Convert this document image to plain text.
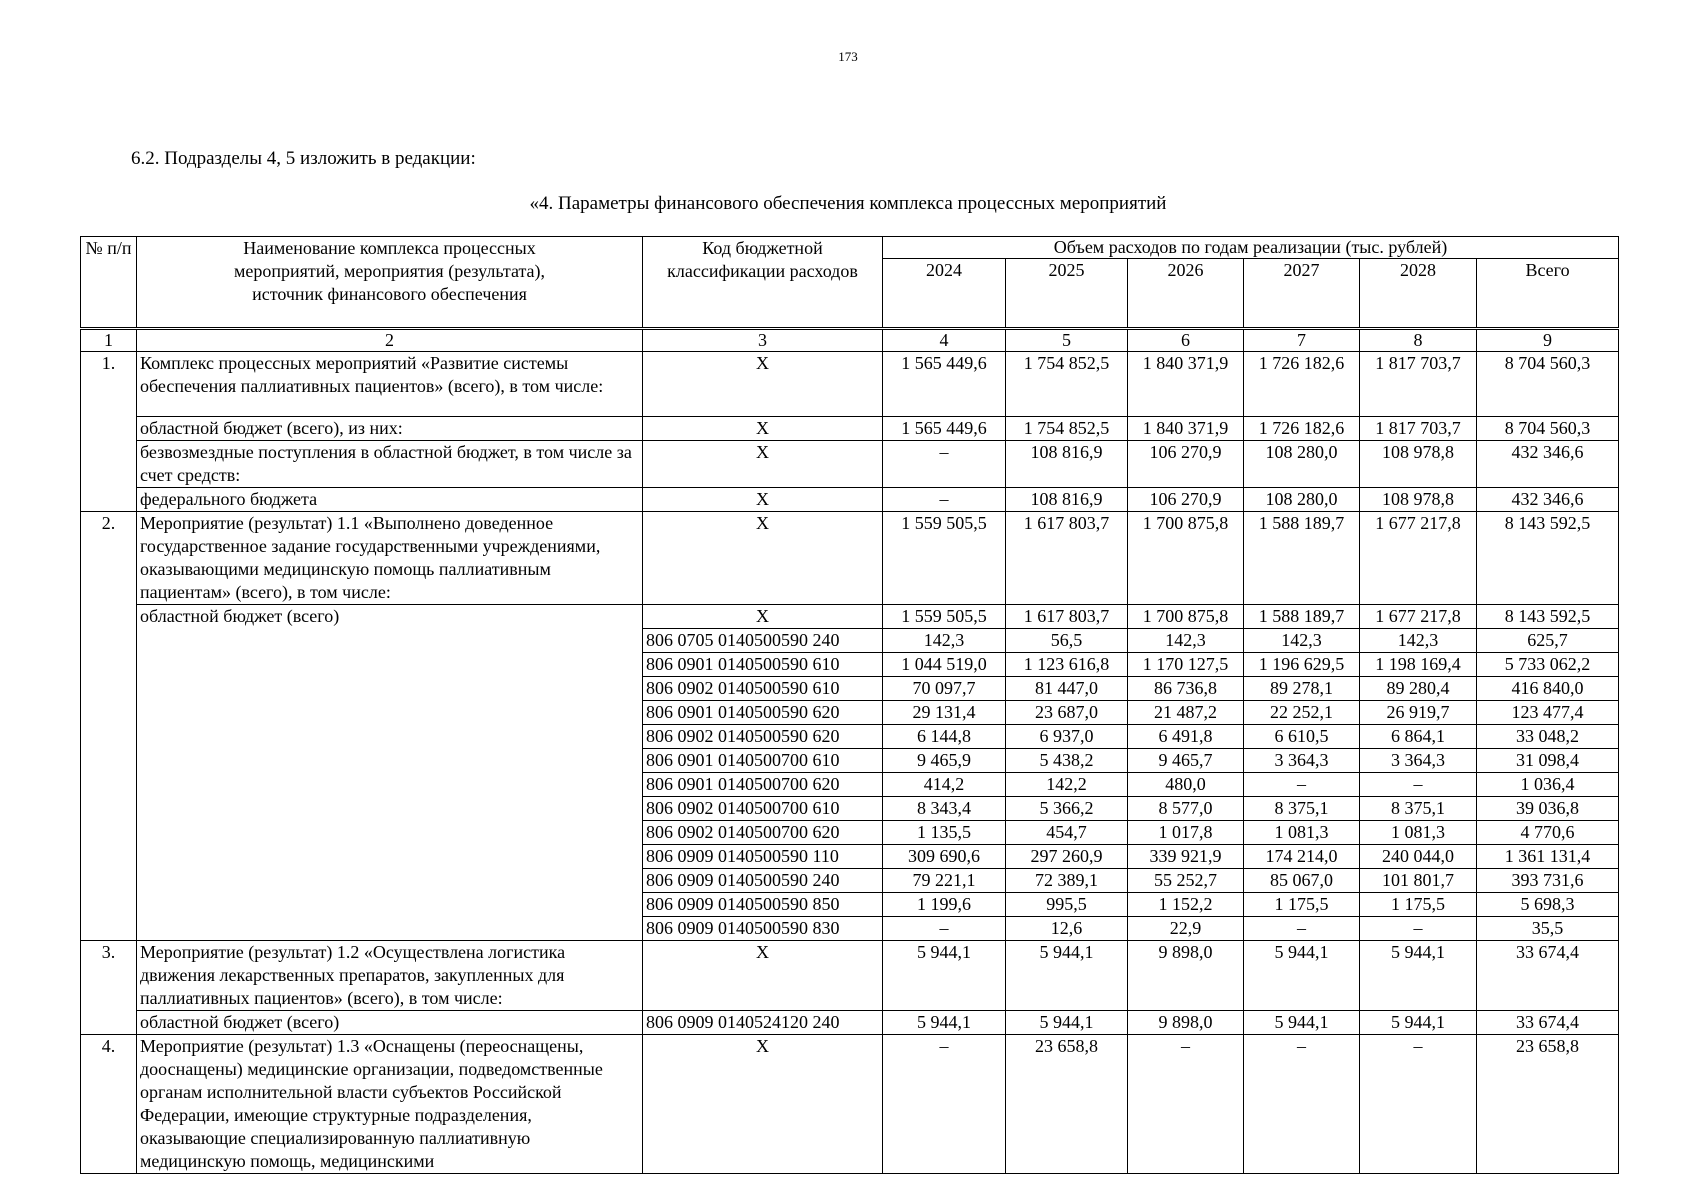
173
6.2. Подразделы 4, 5 изложить в редакции:
«4. Параметры финансового обеспечения комплекса процессных мероприятий
№ п/п	Наименование комплекса процессных мероприятий, мероприятия (результата), источник финансового обеспечения	Код бюджетной классификации расходов	Объем расходов по годам реализации (тыс. рублей)					
			2024	2025	2026	2027	2028	Всего
1	2	3	4	5	6	7	8	9
1.	Комплекс процессных мероприятий «Развитие системы обеспечения паллиативных пациентов» (всего), в том числе:	X	1 565 449,6	1 754 852,5	1 840 371,9	1 726 182,6	1 817 703,7	8 704 560,3
	областной бюджет (всего), из них:	X	1 565 449,6	1 754 852,5	1 840 371,9	1 726 182,6	1 817 703,7	8 704 560,3
	безвозмездные поступления в областной бюджет, в том числе за счет средств:	X	–	108 816,9	106 270,9	108 280,0	108 978,8	432 346,6
	федерального бюджета	X	–	108 816,9	106 270,9	108 280,0	108 978,8	432 346,6
2.	Мероприятие (результат) 1.1 «Выполнено доведенное государственное задание государственными учреждениями, оказывающими медицинскую помощь паллиативным пациентам» (всего), в том числе:	X	1 559 505,5	1 617 803,7	1 700 875,8	1 588 189,7	1 677 217,8	8 143 592,5
	областной бюджет (всего)	X	1 559 505,5	1 617 803,7	1 700 875,8	1 588 189,7	1 677 217,8	8 143 592,5
		806 0705 0140500590 240	142,3	56,5	142,3	142,3	142,3	625,7
		806 0901 0140500590 610	1 044 519,0	1 123 616,8	1 170 127,5	1 196 629,5	1 198 169,4	5 733 062,2
		806 0902 0140500590 610	70 097,7	81 447,0	86 736,8	89 278,1	89 280,4	416 840,0
		806 0901 0140500590 620	29 131,4	23 687,0	21 487,2	22 252,1	26 919,7	123 477,4
		806 0902 0140500590 620	6 144,8	6 937,0	6 491,8	6 610,5	6 864,1	33 048,2
		806 0901 0140500700 610	9 465,9	5 438,2	9 465,7	3 364,3	3 364,3	31 098,4
		806 0901 0140500700 620	414,2	142,2	480,0	–	–	1 036,4
		806 0902 0140500700 610	8 343,4	5 366,2	8 577,0	8 375,1	8 375,1	39 036,8
		806 0902 0140500700 620	1 135,5	454,7	1 017,8	1 081,3	1 081,3	4 770,6
		806 0909 0140500590 110	309 690,6	297 260,9	339 921,9	174 214,0	240 044,0	1 361 131,4
		806 0909 0140500590 240	79 221,1	72 389,1	55 252,7	85 067,0	101 801,7	393 731,6
		806 0909 0140500590 850	1 199,6	995,5	1 152,2	1 175,5	1 175,5	5 698,3
		806 0909 0140500590 830	–	12,6	22,9	–	–	35,5
3.	Мероприятие (результат) 1.2 «Осуществлена логистика движения лекарственных препаратов, закупленных для паллиативных пациентов» (всего), в том числе:	X	5 944,1	5 944,1	9 898,0	5 944,1	5 944,1	33 674,4
	областной бюджет (всего)	806 0909 0140524120 240	5 944,1	5 944,1	9 898,0	5 944,1	5 944,1	33 674,4
4.	Мероприятие (результат) 1.3 «Оснащены (переоснащены, дооснащены) медицинские организации, подведомственные органам исполнительной власти субъектов Российской Федерации, имеющие структурные подразделения, оказывающие специализированную паллиативную медицинскую помощь, медицинскими	X	–	23 658,8	–	–	–	23 658,8
